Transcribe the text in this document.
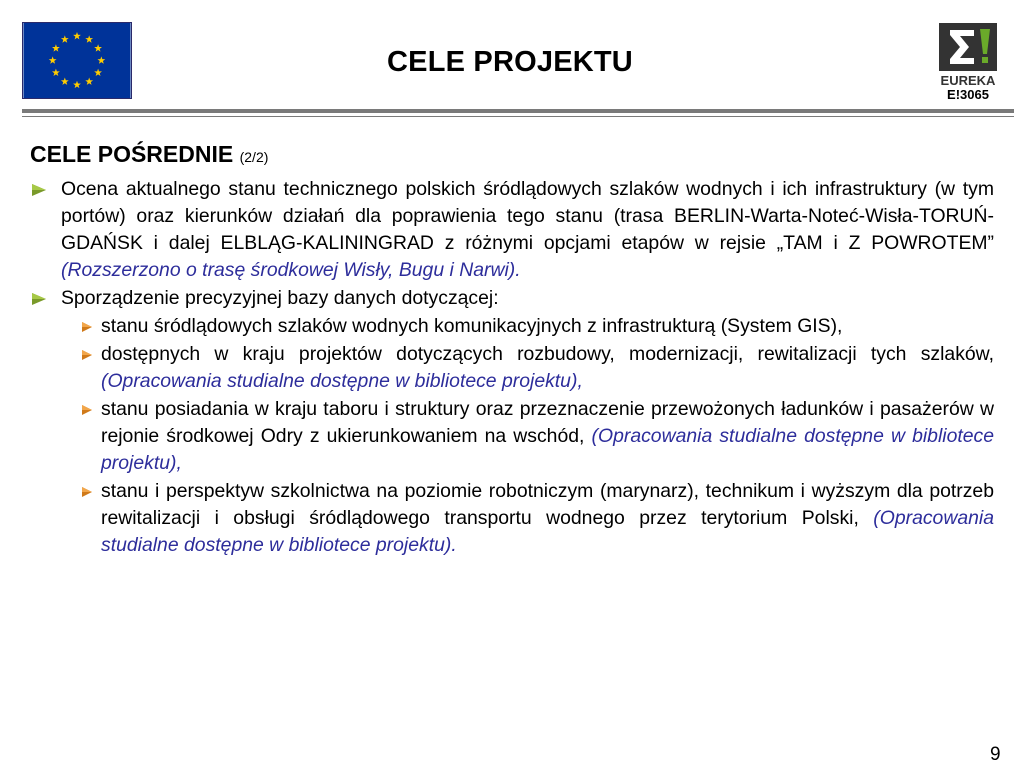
CELE PROJEKTU
EUREKA
E!3065
CELE POŚREDNIE (2/2)
Ocena aktualnego stanu technicznego polskich śródlądowych szlaków wodnych i ich infrastruktury (w tym portów) oraz kierunków działań dla poprawienia tego stanu (trasa BERLIN-Warta-Noteć-Wisła-TORUŃ-GDAŃSK i dalej ELBLĄG-KALININGRAD z różnymi opcjami etapów w rejsie „TAM i Z POWROTEM” (Rozszerzono o trasę środkowej Wisły, Bugu i Narwi).
Sporządzenie precyzyjnej bazy danych dotyczącej:
stanu śródlądowych szlaków wodnych komunikacyjnych z infrastrukturą (System GIS),
dostępnych w kraju projektów dotyczących rozbudowy, modernizacji, rewitalizacji tych szlaków, (Opracowania studialne dostępne w bibliotece projektu),
stanu posiadania w kraju taboru i struktury oraz przeznaczenie przewożonych ładunków i pasażerów w rejonie środkowej Odry z ukierunkowaniem na wschód, (Opracowania studialne dostępne w bibliotece projektu),
stanu i perspektyw szkolnictwa na poziomie robotniczym (marynarz), technikum i wyższym dla potrzeb rewitalizacji i obsługi śródlądowego transportu wodnego przez terytorium Polski, (Opracowania studialne dostępne w bibliotece projektu).
9
